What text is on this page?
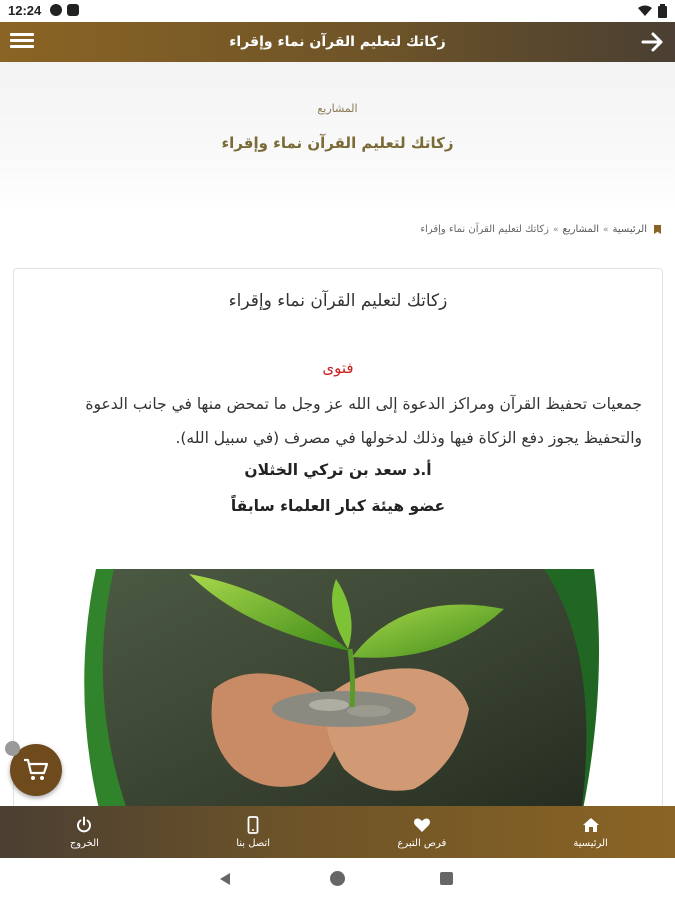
12:24
زكاتك لتعليم القرآن نماء وإقراء
المشاريع
زكاتك لتعليم القرآن نماء وإقراء
الرئيسية
»
المشاريع
»
زكاتك لتعليم القرآن نماء وإقراء
زكاتك لتعليم القرآن نماء وإقراء
فتوى
جمعيات تحفيظ القرآن ومراكز الدعوة إلى الله عز وجل ما تمحض منها في جانب الدعوة والتحفيظ يجوز دفع الزكاة فيها وذلك لدخولها في مصرف (في سبيل الله).
أ.د سعد بن تركي الخثلان
عضو هيئة كبار العلماء سابقاً
الرئيسية
فرص التبرع
اتصل بنا
الخروج
